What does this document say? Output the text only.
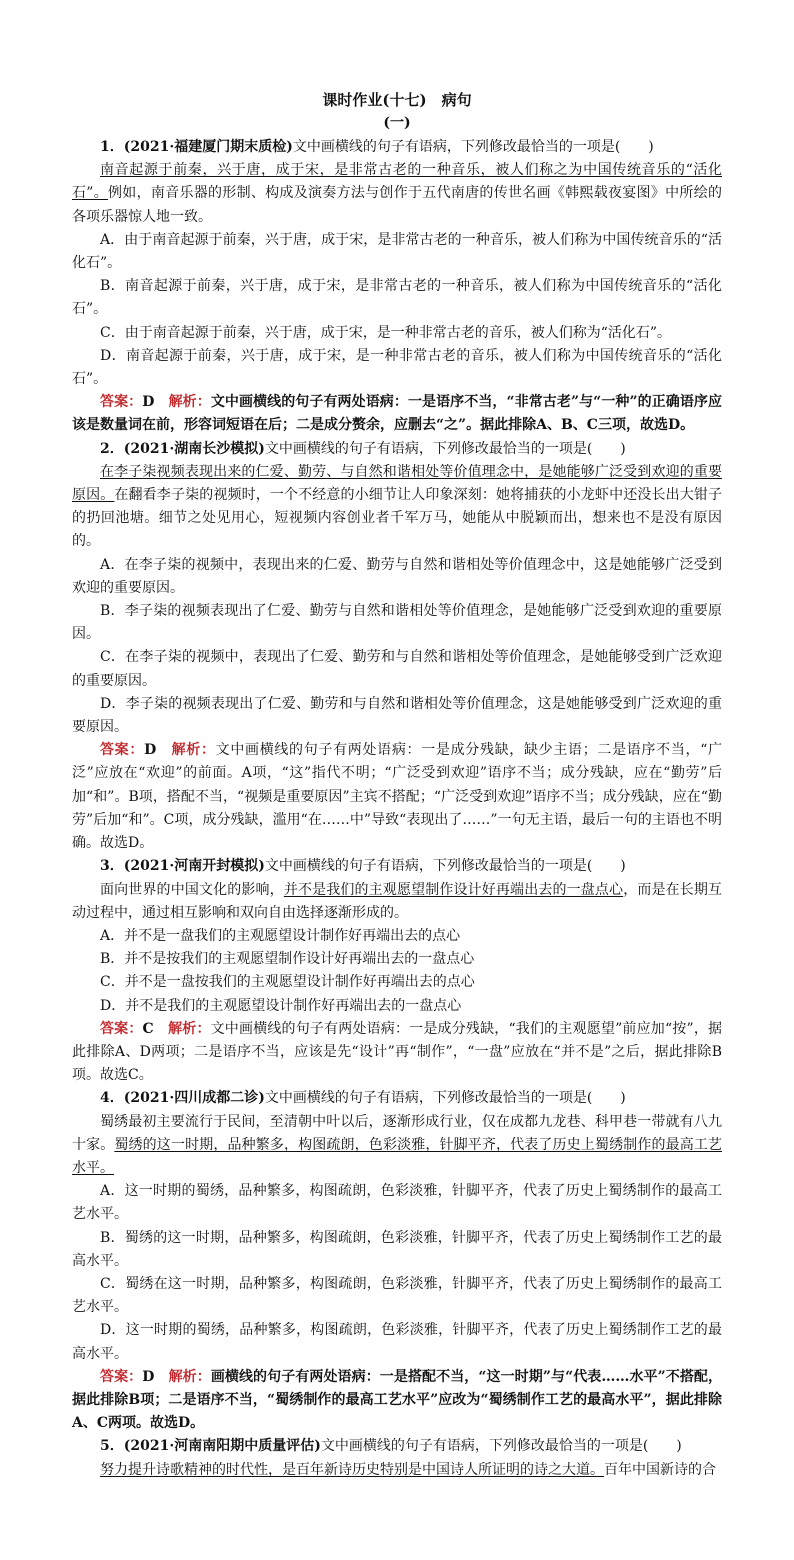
课时作业(十七)　病句

(一)

1．(2021·福建厦门期末质检)文中画横线的句子有语病，下列修改最恰当的一项是(　　)

南音起源于前秦，兴于唐，成于宋，是非常古老的一种音乐，被人们称之为中国传统音乐的“活化石”。例如，南音乐器的形制、构成及演奏方法与创作于五代南唐的传世名画《韩熙载夜宴图》中所绘的各项乐器惊人地一致。

A．由于南音起源于前秦，兴于唐，成于宋，是非常古老的一种音乐，被人们称为中国传统音乐的“活化石”。

B．南音起源于前秦，兴于唐，成于宋，是非常古老的一种音乐，被人们称为中国传统音乐的“活化石”。

C．由于南音起源于前秦，兴于唐，成于宋，是一种非常古老的音乐，被人们称为“活化石”。

D．南音起源于前秦，兴于唐，成于宋，是一种非常古老的音乐，被人们称为中国传统音乐的“活化石”。

答案：D　 解析：文中画横线的句子有两处语病：一是语序不当，“非常古老”与“一种”的正确语序应该是数量词在前，形容词短语在后；二是成分赘余，应删去“之”。据此排除A、B、C三项，故选D。

2．(2021·湖南长沙模拟)文中画横线的句子有语病，下列修改最恰当的一项是(　　)

在李子柒视频表现出来的仁爱、勤劳、与自然和谐相处等价值理念中，是她能够广泛受到欢迎的重要原因。在翻看李子柒的视频时，一个不经意的小细节让人印象深刻：她将捕获的小龙虾中还没长出大钳子的扔回池塘。细节之处见用心，短视频内容创业者千军万马，她能从中脱颖而出，想来也不是没有原因的。

A．在李子柒的视频中，表现出来的仁爱、勤劳与自然和谐相处等价值理念中，这是她能够广泛受到欢迎的重要原因。

B．李子柒的视频表现出了仁爱、勤劳与自然和谐相处等价值理念，是她能够广泛受到欢迎的重要原因。

C．在李子柒的视频中，表现出了仁爱、勤劳和与自然和谐相处等价值理念，是她能够受到广泛欢迎的重要原因。

D．李子柒的视频表现出了仁爱、勤劳和与自然和谐相处等价值理念，这是她能够受到广泛欢迎的重要原因。

答案：D　 解析：文中画横线的句子有两处语病：一是成分残缺，缺少主语；二是语序不当，“广泛”应放在“欢迎”的前面。A项，“这”指代不明；“广泛受到欢迎”语序不当；成分残缺，应在“勤劳”后加“和”。B项，搭配不当，“视频是重要原因”主宾不搭配；“广泛受到欢迎”语序不当；成分残缺，应在“勤劳”后加“和”。C项，成分残缺，滥用“在……中”导致“表现出了……”一句无主语，最后一句的主语也不明确。故选D。

3．(2021·河南开封模拟)文中画横线的句子有语病，下列修改最恰当的一项是(　　)

面向世界的中国文化的影响，并不是我们的主观愿望制作设计好再端出去的一盘点心，而是在长期互动过程中，通过相互影响和双向自由选择逐渐形成的。

A．并不是一盘我们的主观愿望设计制作好再端出去的点心

B．并不是按我们的主观愿望制作设计好再端出去的一盘点心

C．并不是一盘按我们的主观愿望设计制作好再端出去的点心

D．并不是我们的主观愿望设计制作好再端出去的一盘点心

答案：C　 解析：文中画横线的句子有两处语病：一是成分残缺，“我们的主观愿望”前应加“按”，据此排除A、D两项；二是语序不当，应该是先“设计”再“制作”，“一盘”应放在“并不是”之后，据此排除B项。故选C。

4．(2021·四川成都二诊)文中画横线的句子有语病，下列修改最恰当的一项是(　　)

蜀绣最初主要流行于民间，至清朝中叶以后，逐渐形成行业，仅在成都九龙巷、科甲巷一带就有八九十家。蜀绣的这一时期，品种繁多，构图疏朗，色彩淡雅，针脚平齐，代表了历史上蜀绣制作的最高工艺水平。

A．这一时期的蜀绣，品种繁多，构图疏朗，色彩淡雅，针脚平齐，代表了历史上蜀绣制作的最高工艺水平。

B．蜀绣的这一时期，品种繁多，构图疏朗，色彩淡雅，针脚平齐，代表了历史上蜀绣制作工艺的最高水平。

C．蜀绣在这一时期，品种繁多，构图疏朗，色彩淡雅，针脚平齐，代表了历史上蜀绣制作的最高工艺水平。

D．这一时期的蜀绣，品种繁多，构图疏朗，色彩淡雅，针脚平齐，代表了历史上蜀绣制作工艺的最高水平。

答案：D　 解析：画横线的句子有两处语病：一是搭配不当，“这一时期”与“代表……水平”不搭配，据此排除B项；二是语序不当，“蜀绣制作的最高工艺水平”应改为“蜀绣制作工艺的最高水平”，据此排除A、C两项。故选D。

5．(2021·河南南阳期中质量评估)文中画横线的句子有语病，下列修改最恰当的一项是(　　)

努力提升诗歌精神的时代性，是百年新诗历史特别是中国诗人所证明的诗之大道。百年中国新诗的合
